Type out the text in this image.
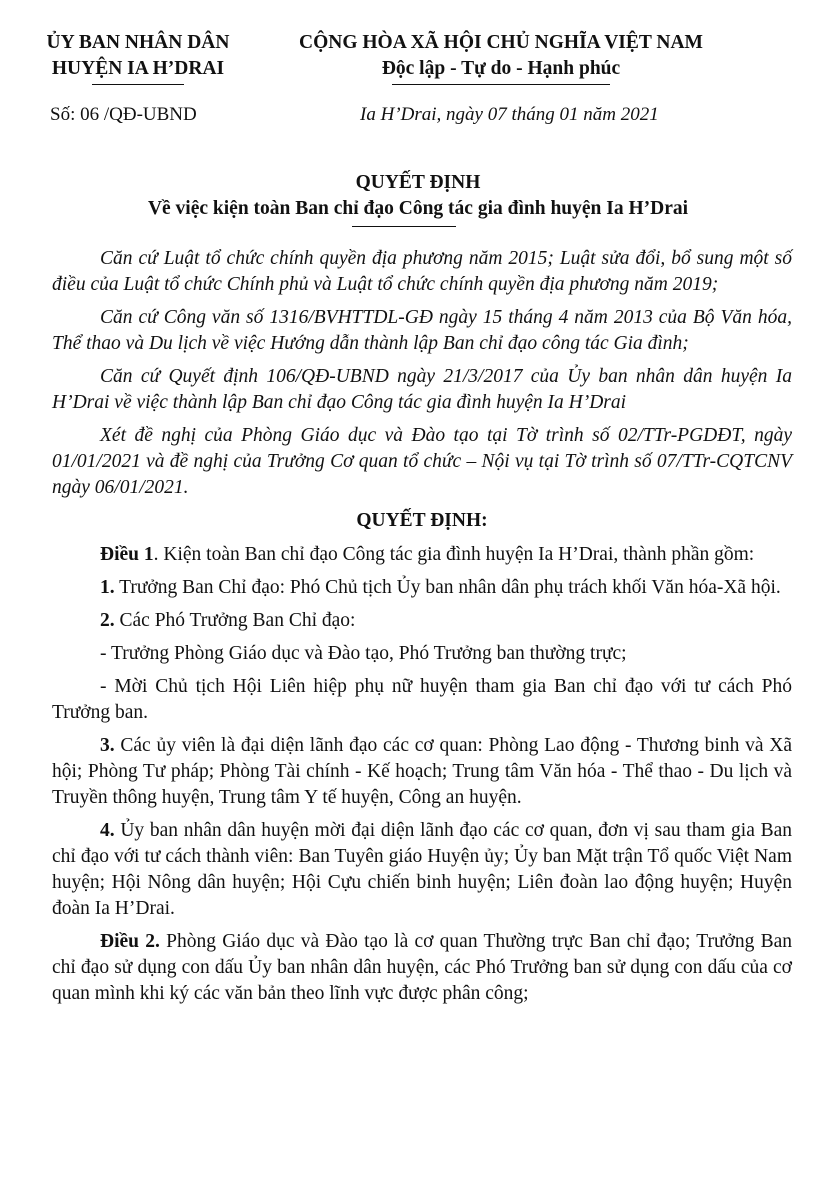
ỦY BAN NHÂN DÂN
HUYỆN IA H’DRAI
CỘNG HÒA XÃ HỘI CHỦ NGHĨA VIỆT NAM
Độc lập - Tự do - Hạnh phúc
Số: 06 /QĐ-UBND	Ia H’Drai, ngày 07 tháng 01 năm 2021
QUYẾT ĐỊNH
Về việc kiện toàn Ban chỉ đạo Công tác gia đình huyện Ia H’Drai

Căn cứ Luật tổ chức chính quyền địa phương năm 2015; Luật sửa đổi, bổ sung một số điều của Luật tổ chức Chính phủ và Luật tổ chức chính quyền địa phương năm 2019;

Căn cứ Công văn số 1316/BVHTTDL-GĐ ngày 15 tháng 4 năm 2013 của Bộ Văn hóa, Thể thao và Du lịch về việc Hướng dẫn thành lập Ban chỉ đạo công tác Gia đình;

Căn cứ Quyết định 106/QĐ-UBND ngày 21/3/2017 của Ủy ban nhân dân huyện Ia H’Drai về việc thành lập Ban chỉ đạo Công tác gia đình huyện Ia H’Drai

Xét đề nghị của Phòng Giáo dục và Đào tạo tại Tờ trình số 02/TTr-PGDĐT, ngày 01/01/2021 và đề nghị của Trưởng Cơ quan tổ chức – Nội vụ tại Tờ trình số 07/TTr-CQTCNV ngày 06/01/2021.

QUYẾT ĐỊNH:

Điều 1. Kiện toàn Ban chỉ đạo Công tác gia đình huyện Ia H’Drai, thành phần gồm:

1. Trưởng Ban Chỉ đạo: Phó Chủ tịch Ủy ban nhân dân phụ trách khối Văn hóa-Xã hội.

2. Các Phó Trưởng Ban Chỉ đạo:

- Trưởng Phòng Giáo dục và Đào tạo, Phó Trưởng ban thường trực;

- Mời Chủ tịch Hội Liên hiệp phụ nữ huyện tham gia Ban chỉ đạo với tư cách Phó Trưởng ban.

3. Các ủy viên là đại diện lãnh đạo các cơ quan: Phòng Lao động - Thương binh và Xã hội; Phòng Tư pháp; Phòng Tài chính - Kế hoạch; Trung tâm Văn hóa - Thể thao - Du lịch và Truyền thông huyện, Trung tâm Y tế huyện, Công an huyện.

4. Ủy ban nhân dân huyện mời đại diện lãnh đạo các cơ quan, đơn vị sau tham gia Ban chỉ đạo với tư cách thành viên: Ban Tuyên giáo Huyện ủy; Ủy ban Mặt trận Tổ quốc Việt Nam huyện; Hội Nông dân huyện; Hội Cựu chiến binh huyện; Liên đoàn lao động huyện; Huyện đoàn Ia H’Drai.

Điều 2. Phòng Giáo dục và Đào tạo là cơ quan Thường trực Ban chỉ đạo; Trưởng Ban chỉ đạo sử dụng con dấu Ủy ban nhân dân huyện, các Phó Trưởng ban sử dụng con dấu của cơ quan mình khi ký các văn bản theo lĩnh vực được phân công;
